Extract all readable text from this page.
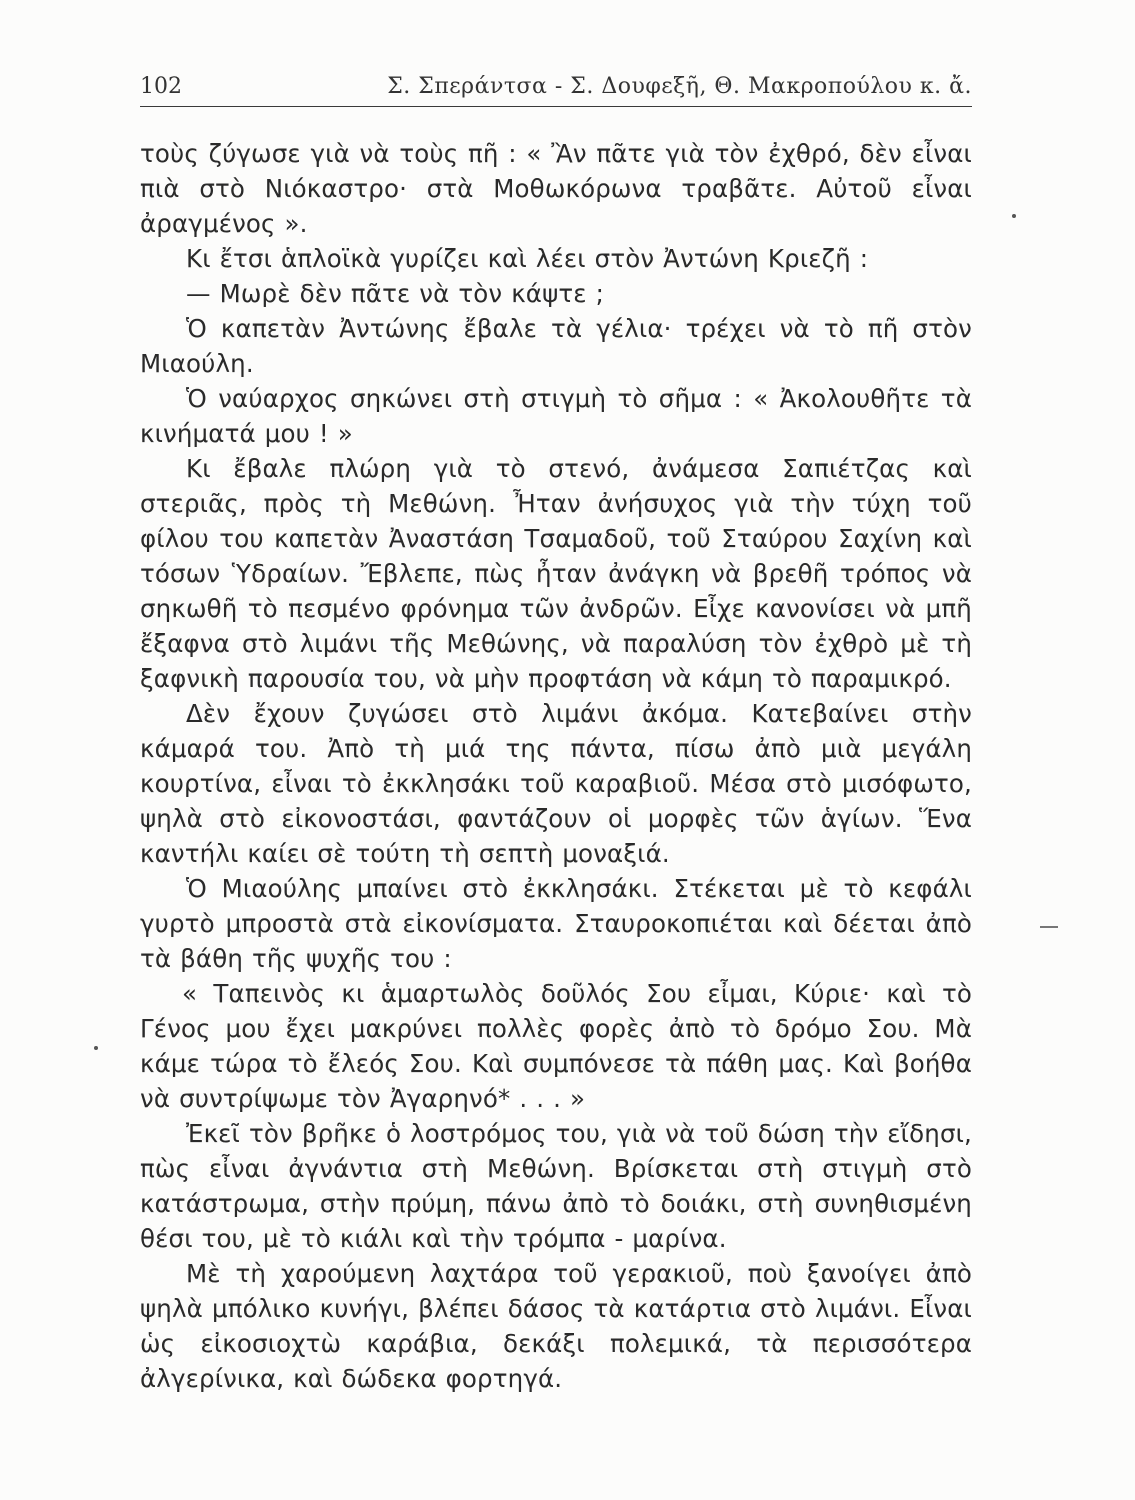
102	Σ. Σπεράντσα - Σ. Δουφεξῆ, Θ. Μακροπούλου κ. ἄ.

τοὺς ζύγωσε γιὰ νὰ τοὺς πῆ : « Ἂν πᾶτε γιὰ τὸν ἐχθρό, δὲν εἶναι πιὰ στὸ Νιόκαστρο· στὰ Μοθωκόρωνα τραβᾶτε. Αὐτοῦ εἶναι ἀραγμένος ».

Κι ἔτσι ἁπλοϊκὰ γυρίζει καὶ λέει στὸν Ἀντώνη Κριεζῆ :

— Μωρὲ δὲν πᾶτε νὰ τὸν κάψτε ;

Ὁ καπετὰν Ἀντώνης ἔβαλε τὰ γέλια· τρέχει νὰ τὸ πῆ στὸν Μιαούλη.

Ὁ ναύαρχος σηκώνει στὴ στιγμὴ τὸ σῆμα : « Ἀκολουθῆτε τὰ κινήματά μου ! »

Κι ἔβαλε πλώρη γιὰ τὸ στενό, ἀνάμεσα Σαπιέτζας καὶ στεριᾶς, πρὸς τὴ Μεθώνη. Ἦταν ἀνήσυχος γιὰ τὴν τύχη τοῦ φίλου του καπετὰν Ἀναστάση Τσαμαδοῦ, τοῦ Σταύρου Σαχίνη καὶ τόσων Ὑδραίων. Ἔβλεπε, πὼς ἦταν ἀνάγκη νὰ βρεθῆ τρόπος νὰ σηκωθῆ τὸ πεσμένο φρόνημα τῶν ἀνδρῶν. Εἶχε κανονίσει νὰ μπῆ ἔξαφνα στὸ λιμάνι τῆς Μεθώνης, νὰ παραλύση τὸν ἐχθρὸ μὲ τὴ ξαφνικὴ παρουσία του, νὰ μὴν προφτάση νὰ κάμη τὸ παραμικρό.

Δὲν ἔχουν ζυγώσει στὸ λιμάνι ἀκόμα. Κατεβαίνει στὴν κάμαρά του. Ἀπὸ τὴ μιά της πάντα, πίσω ἀπὸ μιὰ μεγάλη κουρτίνα, εἶναι τὸ ἐκκλησάκι τοῦ καραβιοῦ. Μέσα στὸ μισόφωτο, ψηλὰ στὸ εἰκονοστάσι, φαντάζουν οἱ μορφὲς τῶν ἁγίων. Ἕνα καντήλι καίει σὲ τούτη τὴ σεπτὴ μοναξιά.

Ὁ Μιαούλης μπαίνει στὸ ἐκκλησάκι. Στέκεται μὲ τὸ κεφάλι γυρτὸ μπροστὰ στὰ εἰκονίσματα. Σταυροκοπιέται καὶ δέεται ἀπὸ τὰ βάθη τῆς ψυχῆς του :

« Ταπεινὸς κι ἁμαρτωλὸς δοῦλός Σου εἶμαι, Κύριε· καὶ τὸ Γένος μου ἔχει μακρύνει πολλὲς φορὲς ἀπὸ τὸ δρόμο Σου. Μὰ κάμε τώρα τὸ ἔλεός Σου. Καὶ συμπόνεσε τὰ πάθη μας. Καὶ βοήθα νὰ συντρίψωμε τὸν Ἀγαρηνό* . . . »

Ἐκεῖ τὸν βρῆκε ὁ λοστρόμος του, γιὰ νὰ τοῦ δώση τὴν εἴδησι, πὼς εἶναι ἀγνάντια στὴ Μεθώνη. Βρίσκεται στὴ στιγμὴ στὸ κατάστρωμα, στὴν πρύμη, πάνω ἀπὸ τὸ δοιάκι, στὴ συνηθισμένη θέσι του, μὲ τὸ κιάλι καὶ τὴν τρόμπα - μαρίνα.

Μὲ τὴ χαρούμενη λαχτάρα τοῦ γερακιοῦ, ποὺ ξανοίγει ἀπὸ ψηλὰ μπόλικο κυνήγι, βλέπει δάσος τὰ κατάρτια στὸ λιμάνι. Εἶναι ὡς εἰκοσιοχτὼ καράβια, δεκάξι πολεμικά, τὰ περισσότερα ἀλγερίνικα, καὶ δώδεκα φορτηγά.
